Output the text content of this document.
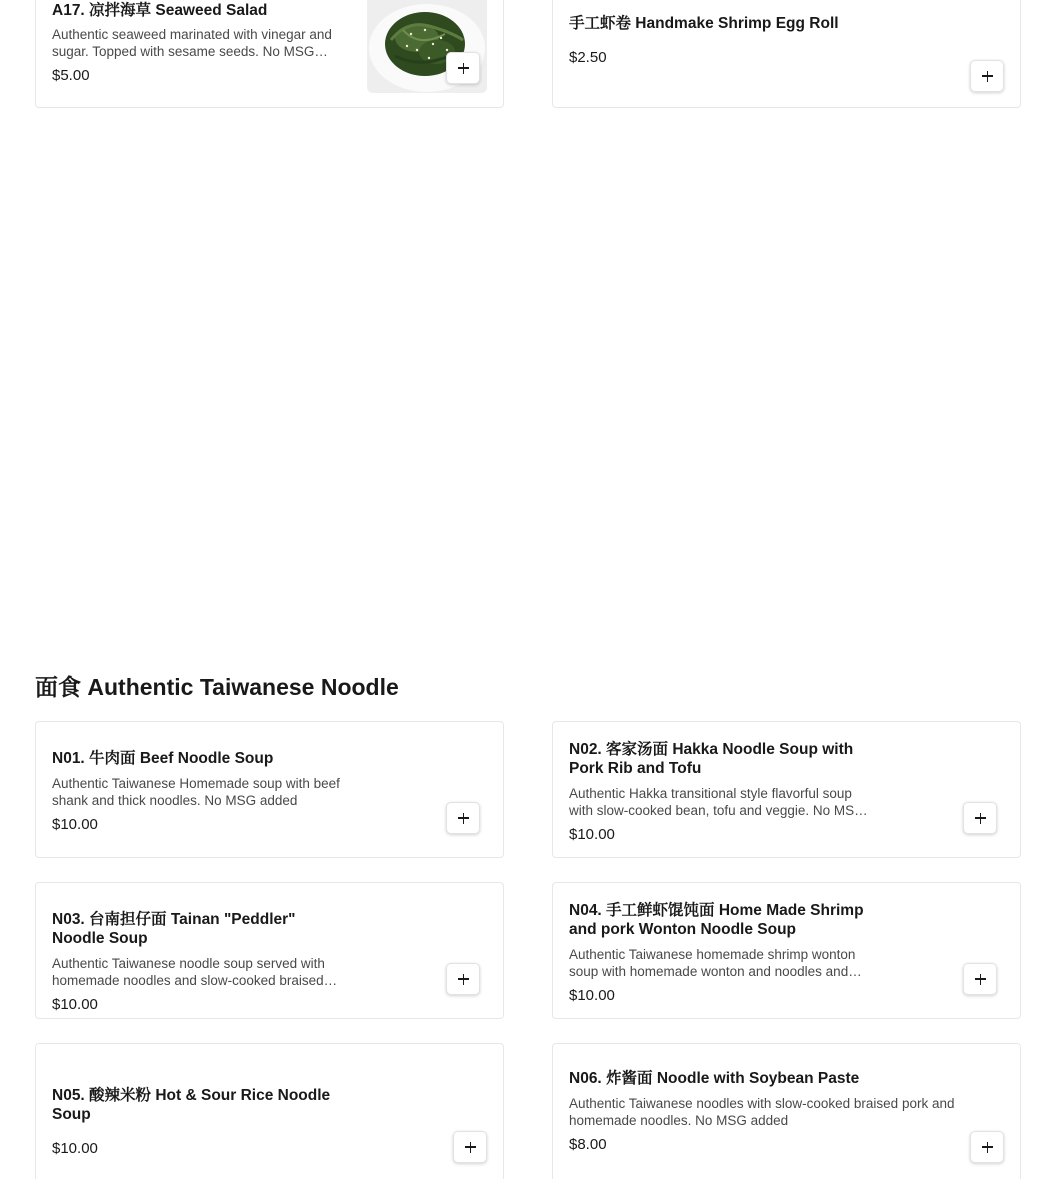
A17. 凉拌海草 Seaweed Salad
Authentic seaweed marinated with vinegar and sugar. Topped with sesame seeds. No MSG
$5.00
手工虾卷 Handmake Shrimp Egg Roll
$2.50
面食 Authentic Taiwanese Noodle
N01. 牛肉面 Beef Noodle Soup
Authentic Taiwanese Homemade soup with beef shank and thick noodles. No MSG added
$10.00
N02. 客家汤面 Hakka Noodle Soup with Pork Rib and Tofu
Authentic Hakka transitional style flavorful soup with slow-cooked bean, tofu and veggie. No MSG
$10.00
N03. 台南担仔面 Tainan "Peddler" Noodle Soup
Authentic Taiwanese noodle soup served with homemade noodles and slow-cooked braised
$10.00
N04. 手工鲜虾馄饨面 Home Made Shrimp and pork Wonton Noodle Soup
Authentic Taiwanese homemade shrimp wonton soup with homemade wonton and noodles and
$10.00
N05. 酸辣米粉 Hot & Sour Rice Noodle Soup
$10.00
N06. 炸酱面 Noodle with Soybean Paste
Authentic Taiwanese noodles with slow-cooked braised pork and homemade noodles. No MSG added
$8.00
